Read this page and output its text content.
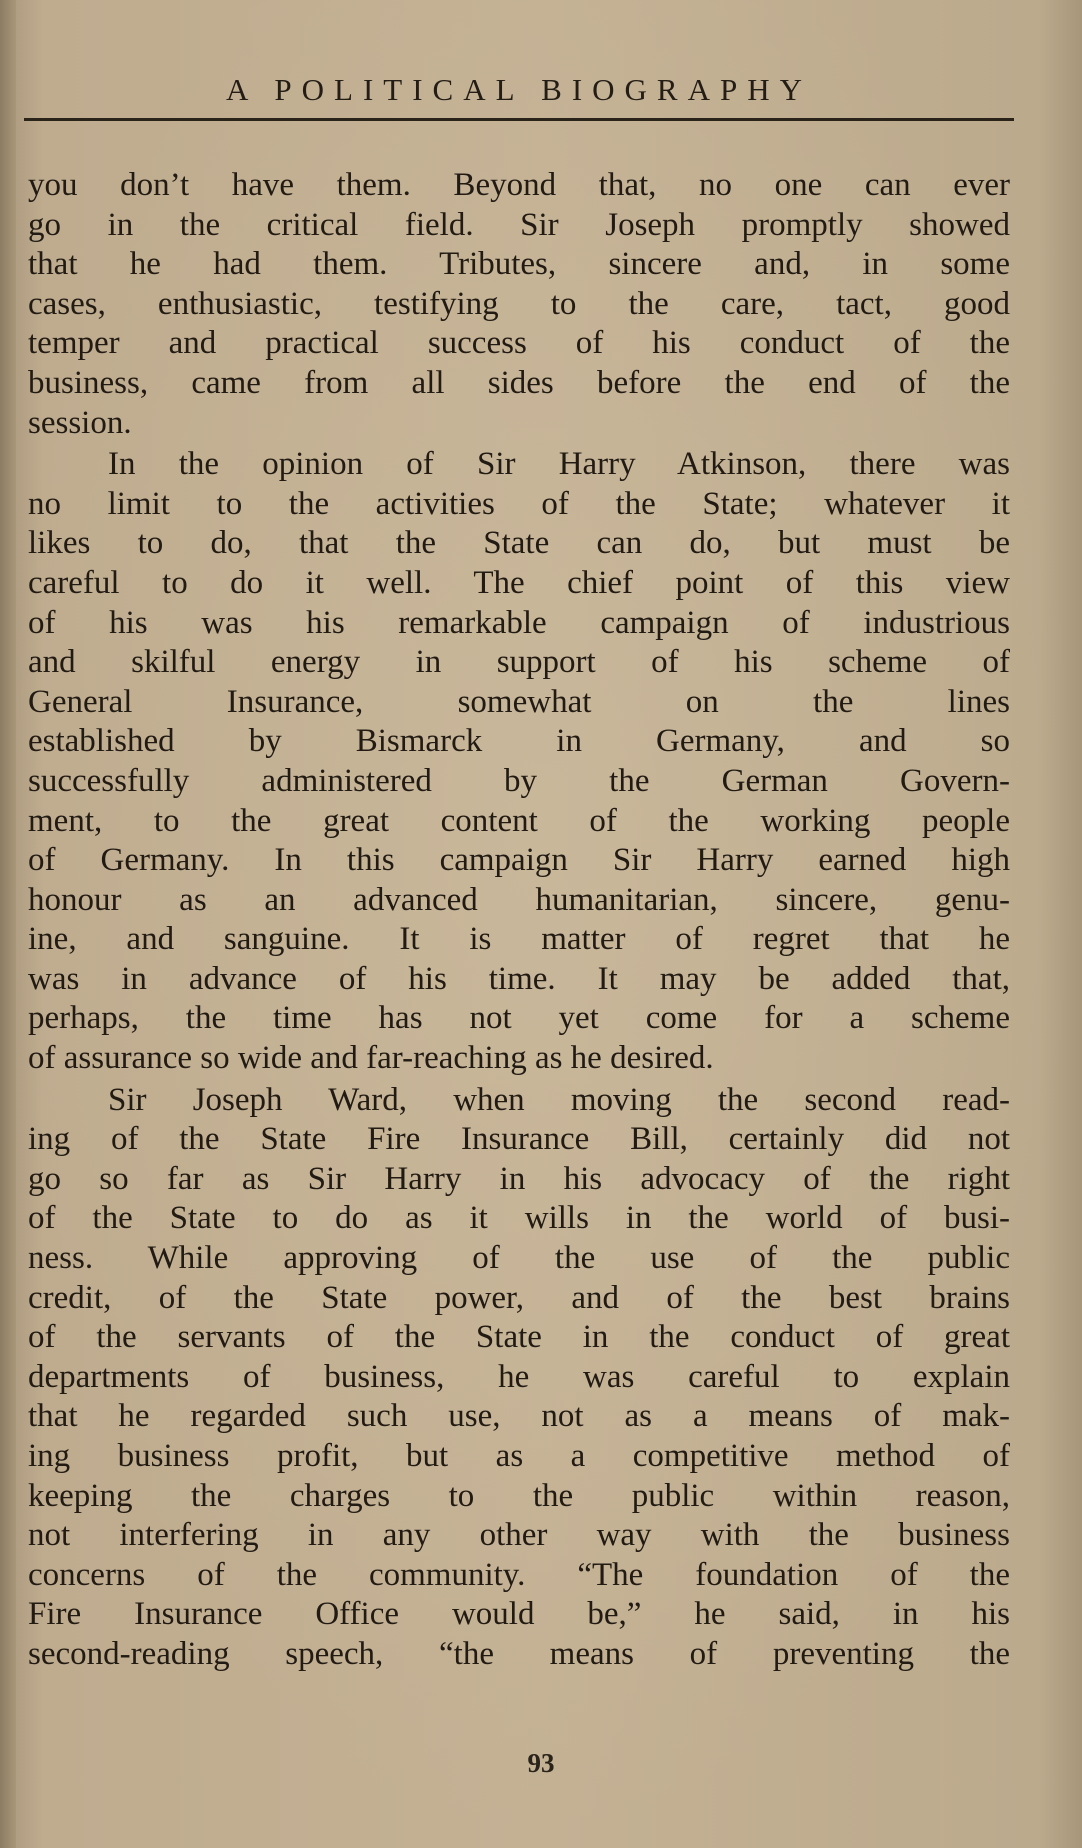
A POLITICAL BIOGRAPHY
you don’t have them. Beyond that, no one can ever
go in the critical field. Sir Joseph promptly showed
that he had them. Tributes, sincere and, in some
cases, enthusiastic, testifying to the care, tact, good
temper and practical success of his conduct of the
business, came from all sides before the end of the
session.
In the opinion of Sir Harry Atkinson, there was
no limit to the activities of the State; whatever it
likes to do, that the State can do, but must be
careful to do it well. The chief point of this view
of his was his remarkable campaign of industrious
and skilful energy in support of his scheme of
General Insurance, somewhat on the lines
established by Bismarck in Germany, and so
successfully administered by the German Govern-
ment, to the great content of the working people
of Germany. In this campaign Sir Harry earned high
honour as an advanced humanitarian, sincere, genu-
ine, and sanguine. It is matter of regret that he
was in advance of his time. It may be added that,
perhaps, the time has not yet come for a scheme
of assurance so wide and far-reaching as he desired.
Sir Joseph Ward, when moving the second read-
ing of the State Fire Insurance Bill, certainly did not
go so far as Sir Harry in his advocacy of the right
of the State to do as it wills in the world of busi-
ness. While approving of the use of the public
credit, of the State power, and of the best brains
of the servants of the State in the conduct of great
departments of business, he was careful to explain
that he regarded such use, not as a means of mak-
ing business profit, but as a competitive method of
keeping the charges to the public within reason,
not interfering in any other way with the business
concerns of the community. “The foundation of the
Fire Insurance Office would be,” he said, in his
second-reading speech, “the means of preventing the
93
